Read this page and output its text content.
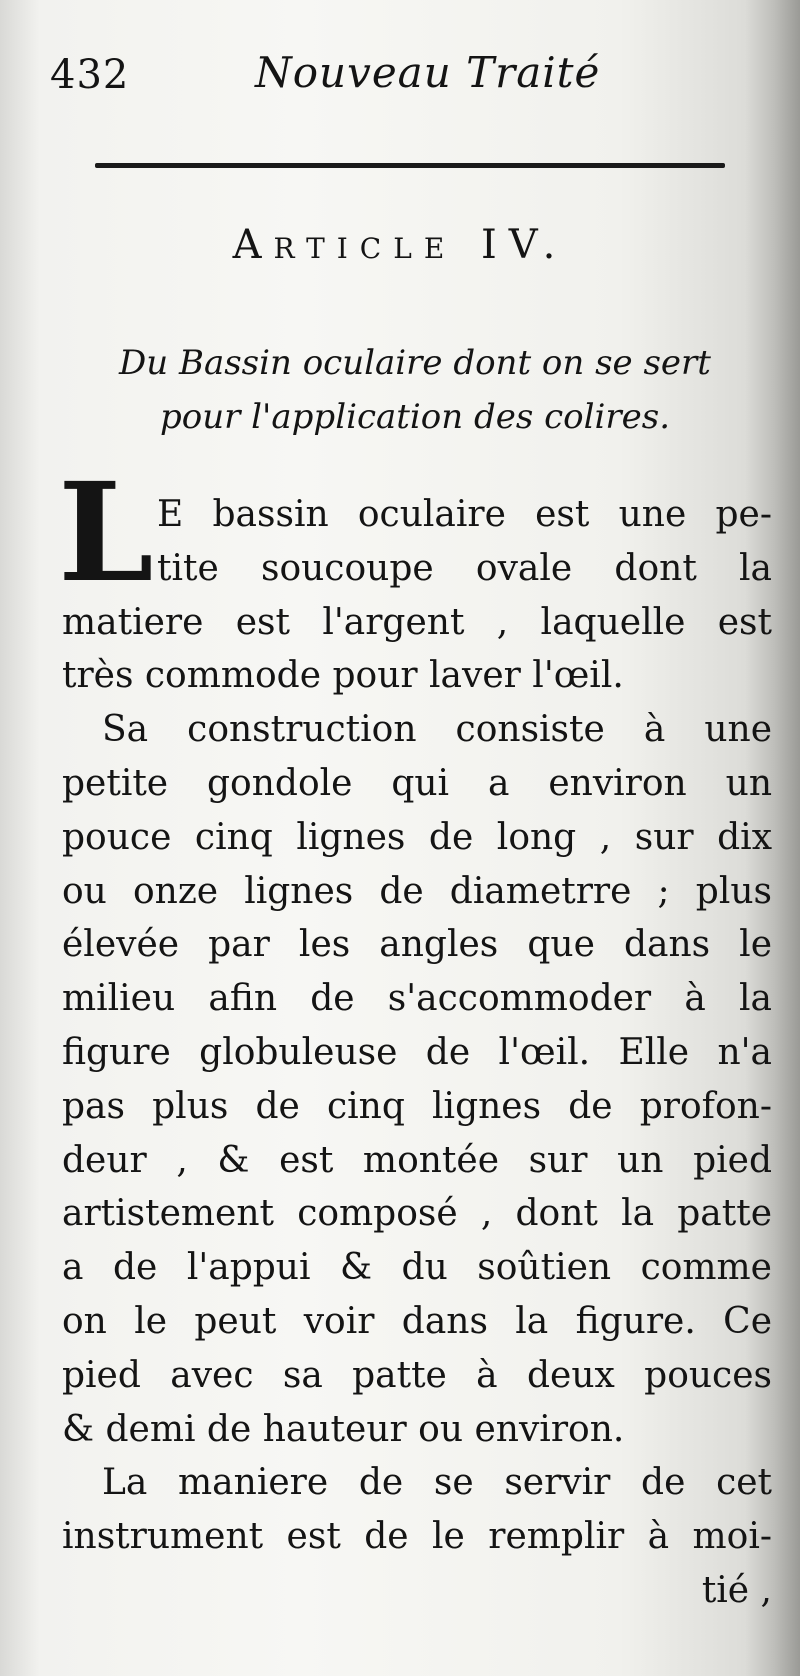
432	Nouveau Traité
Article IV.
Du Bassin oculaire dont on se sert
pour l'application des colires.
L E bassin oculaire est une pe-
tite soucoupe ovale dont la
matiere est l'argent , laquelle est
très commode pour laver l'œil.
Sa construction consiste à une
petite gondole qui a environ un
pouce cinq lignes de long , sur dix
ou onze lignes de diametrre ; plus
élevée par les angles que dans le
milieu afin de s'accommoder à la
figure globuleuse de l'œil. Elle n'a
pas plus de cinq lignes de profon-
deur , & est montée sur un pied
artistement composé , dont la patte
a de l'appui & du soûtien comme
on le peut voir dans la figure. Ce
pied avec sa patte à deux pouces
& demi de hauteur ou environ.
La maniere de se servir de cet
instrument est de le remplir à moi-
tié ,
